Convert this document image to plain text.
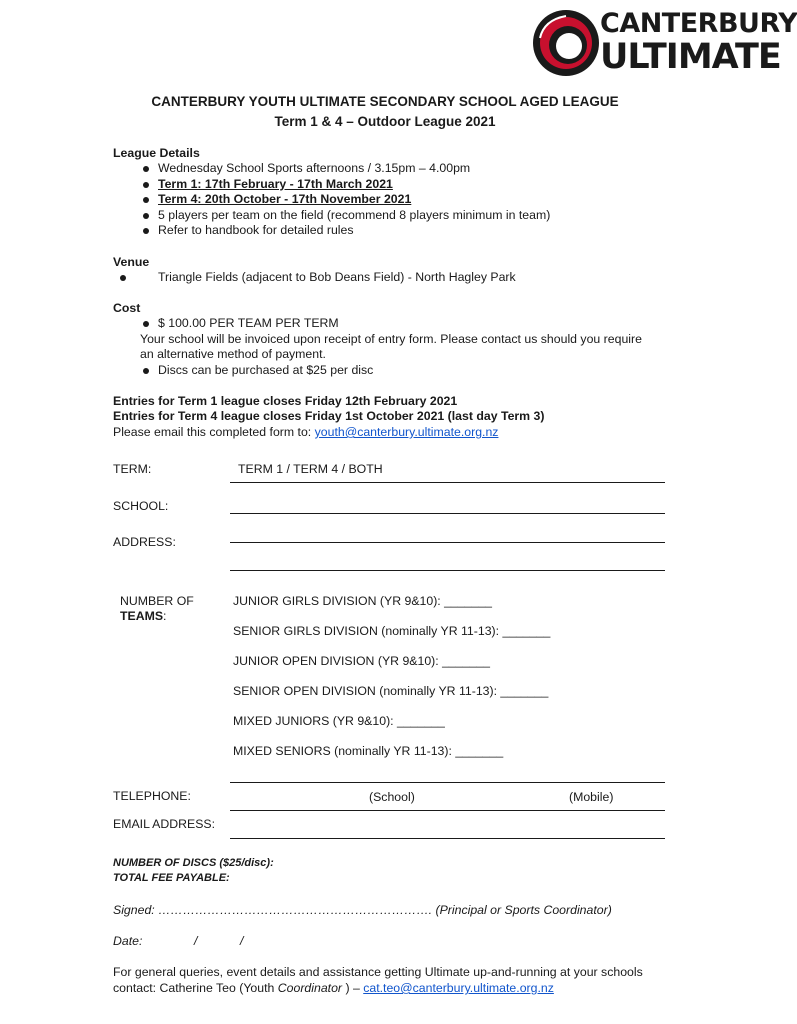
CANTERBURY
ULTIMATE
CANTERBURY YOUTH ULTIMATE SECONDARY SCHOOL AGED LEAGUE
Term 1 & 4 – Outdoor League 2021
League Details
Wednesday School Sports afternoons / 3.15pm – 4.00pm
Term 1: 17th February - 17th March 2021
Term 4: 20th October - 17th November 2021
5 players per team on the field (recommend 8 players minimum in team)
Refer to handbook for detailed rules
Venue
Triangle Fields (adjacent to Bob Deans Field) - North Hagley Park
Cost
$ 100.00 PER TEAM PER TERM
Your school will be invoiced upon receipt of entry form. Please contact us should you require
an alternative method of payment.
Discs can be purchased at $25 per disc
Entries for Term 1 league closes Friday 12th February 2021
Entries for Term 4 league closes Friday 1st October 2021 (last day Term 3)
Please email this completed form to: youth@canterbury.ultimate.org.nz
TERM:	TERM 1 / TERM 4 / BOTH
SCHOOL:
ADDRESS:
NUMBER OF
TEAMS:
JUNIOR GIRLS DIVISION (YR 9&10): _______
SENIOR GIRLS DIVISION (nominally YR 11-13): _______
JUNIOR OPEN DIVISION (YR 9&10): _______
SENIOR OPEN DIVISION (nominally YR 11-13): _______
MIXED JUNIORS (YR 9&10): _______
MIXED SENIORS (nominally YR 11-13): _______
TELEPHONE:	(School)	(Mobile)
EMAIL ADDRESS:
NUMBER OF DISCS ($25/disc):
TOTAL FEE PAYABLE:
Signed: …………………………………………………………. (Principal or Sports Coordinator)
Date:	/	/
For general queries, event details and assistance getting Ultimate up-and-running at your schools
contact: Catherine Teo (Youth Coordinator ) – cat.teo@canterbury.ultimate.org.nz
